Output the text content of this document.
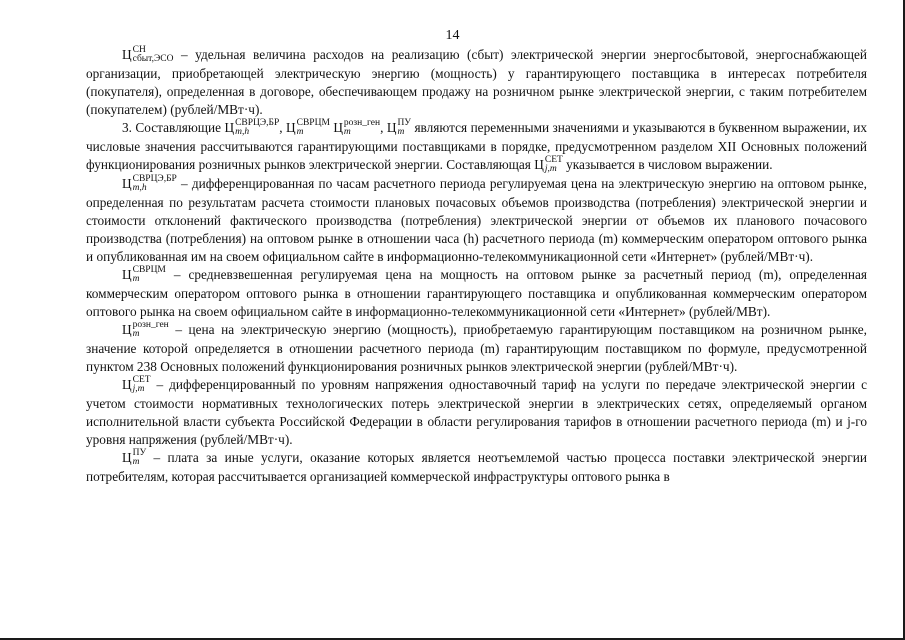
14

Ц СН
сбыт,ЭСО – удельная величина расходов на реализацию (сбыт) электрической энергии энергосбытовой, энергоснабжающей организации, приобретающей электрическую энергию (мощность) у гарантирующего поставщика в интересах потребителя (покупателя), определенная в договоре, обеспечивающем продажу на розничном рынке электрической энергии, с таким потребителем (покупателем) (рублей/МВт·ч).

3. Составляющие Ц СВРЦЭ,БР
m,h	, Ц СВРЦМ
m	Ц розн_ген
m	, Ц ПУ
m являются переменными значениями и указываются в буквенном выражении, их числовые значения рассчитываются гарантирующими поставщиками в порядке, предусмотренном разделом XII Основных положений функционирования розничных рынков электрической энергии. Составляющая Ц СЕТ
j,m указывается в числовом выражении.

Ц СВРЦЭ,БР
m,h	– дифференцированная по часам расчетного периода регулируемая цена на электрическую энергию на оптовом рынке, определенная по результатам расчета стоимости плановых почасовых объемов производства (потребления) электрической энергии и стоимости отклонений фактического производства (потребления) электрической энергии от объемов их планового почасового производства (потребления) на оптовом рынке в отношении часа (h) расчетного периода (m) коммерческим оператором оптового рынка и опубликованная им на своем официальном сайте в информационно-телекоммуникационной сети «Интернет» (рублей/МВт·ч).

Ц СВРЦМ
m	– средневзвешенная регулируемая цена на мощность на оптовом рынке за расчетный период (m), определенная коммерческим оператором оптового рынка в отношении гарантирующего поставщика и опубликованная коммерческим оператором оптового рынка на своем официальном сайте в информационно-телекоммуникационной сети «Интернет» (рублей/МВт).

Ц розн_ген
m	– цена на электрическую энергию (мощность), приобретаемую гарантирующим поставщиком на розничном рынке, значение которой определяется в отношении расчетного периода (m) гарантирующим поставщиком по формуле, предусмотренной пунктом 238 Основных положений функционирования розничных рынков электрической энергии (рублей/МВт·ч).

Ц СЕТ
j,m – дифференцированный по уровням напряжения одноставочный тариф на услуги по передаче электрической энергии с учетом стоимости нормативных технологических потерь электрической энергии в электрических сетях, определяемый органом исполнительной власти субъекта Российской Федерации в области регулирования тарифов в отношении расчетного периода (m) и j-го уровня напряжения (рублей/МВт·ч).

Ц ПУ
m – плата за иные услуги, оказание которых является неотъемлемой частью процесса поставки электрической энергии потребителям, которая рассчитывается организацией коммерческой инфраструктуры оптового рынка в
